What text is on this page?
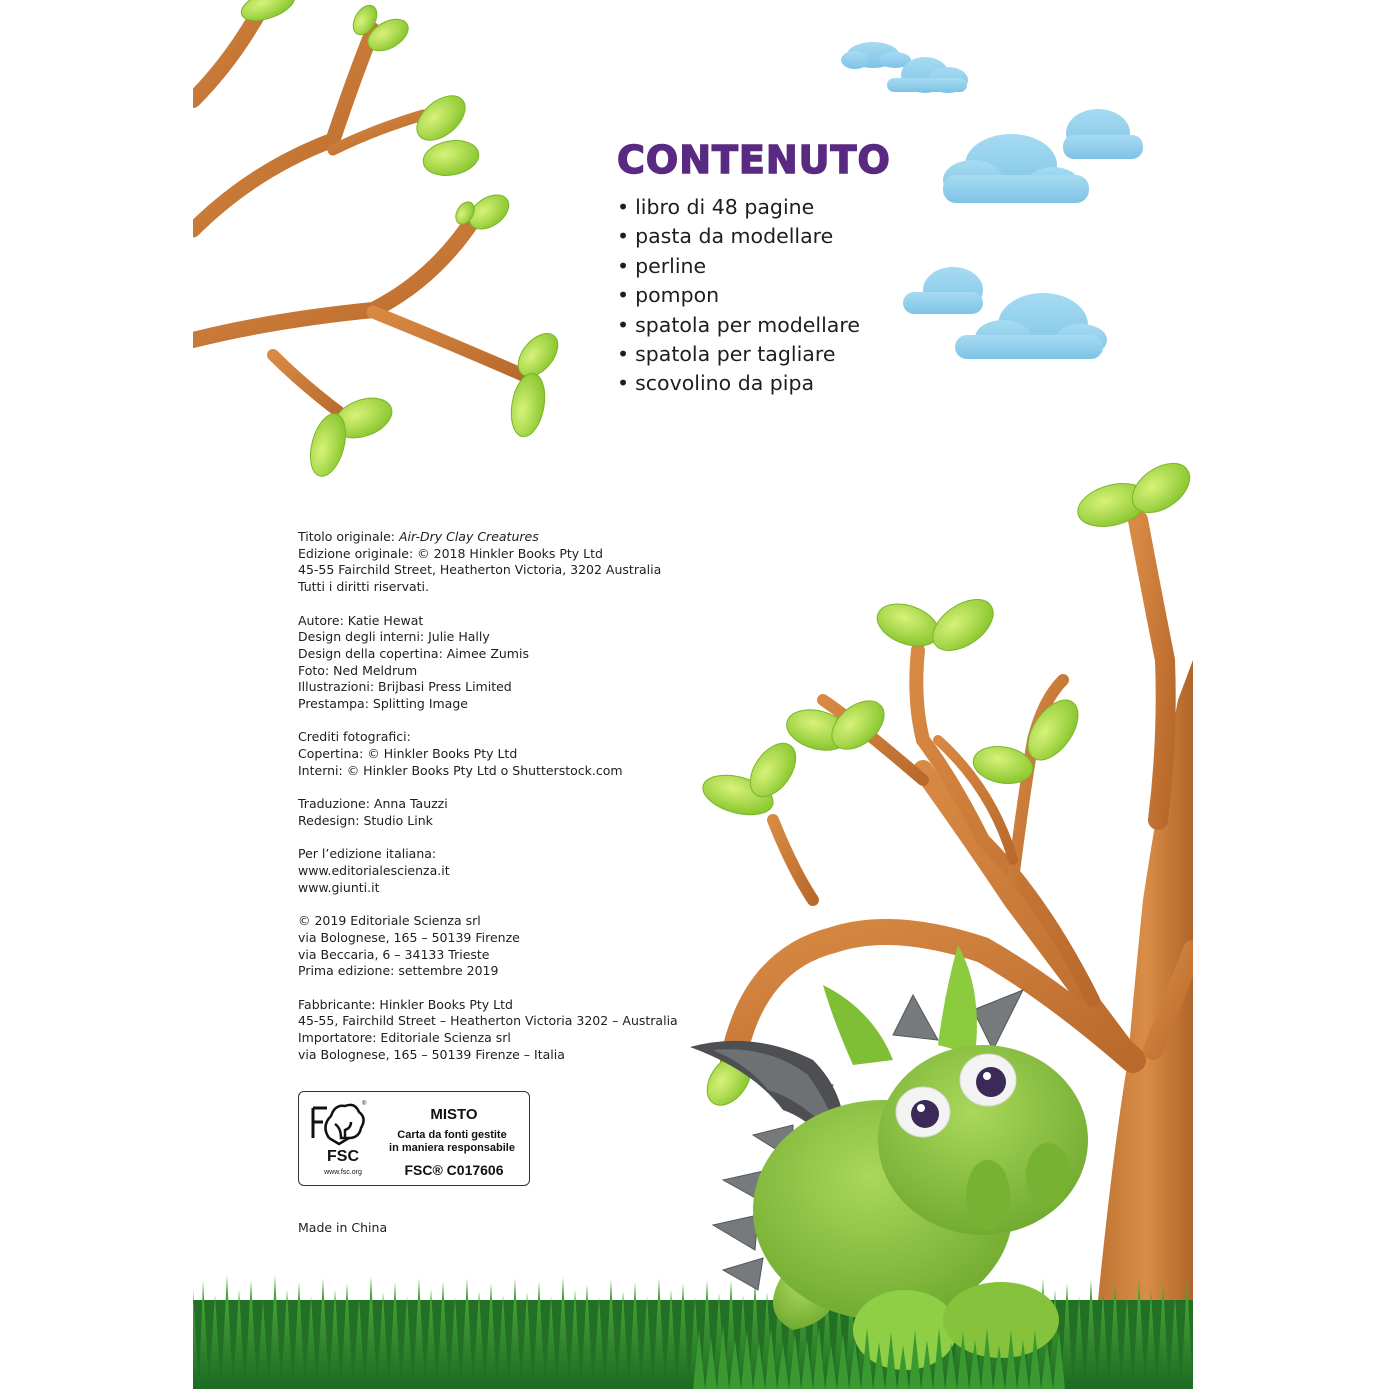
CONTENUTO
• libro di 48 pagine
• pasta da modellare
• perline
• pompon
• spatola per modellare
• spatola per tagliare
• scovolino da pipa

Titolo originale: Air-Dry Clay Creatures

Edizione originale: © 2018 Hinkler Books Pty Ltd

45-55 Fairchild Street, Heatherton Victoria, 3202 Australia

Tutti i diritti riservati.

Autore: Katie Hewat

Design degli interni: Julie Hally

Design della copertina: Aimee Zumis

Foto: Ned Meldrum

Illustrazioni: Brijbasi Press Limited

Prestampa: Splitting Image

Crediti fotografici:

Copertina: © Hinkler Books Pty Ltd

Interni: © Hinkler Books Pty Ltd o Shutterstock.com

Traduzione: Anna Tauzzi

Redesign: Studio Link

Per l’edizione italiana:

www.editorialescienza.it

www.giunti.it

© 2019 Editoriale Scienza srl

via Bolognese, 165 – 50139 Firenze

via Beccaria, 6 – 34133 Trieste

Prima edizione: settembre 2019

Fabbricante: Hinkler Books Pty Ltd

45-55, Fairchild Street – Heatherton Victoria 3202 – Australia

Importatore: Editoriale Scienza srl

via Bolognese, 165 – 50139 Firenze – Italia

®
FSC
www.fsc.org
MISTO
Carta da fonti gestite
in maniera responsabile
FSC® C017606
Made in China
